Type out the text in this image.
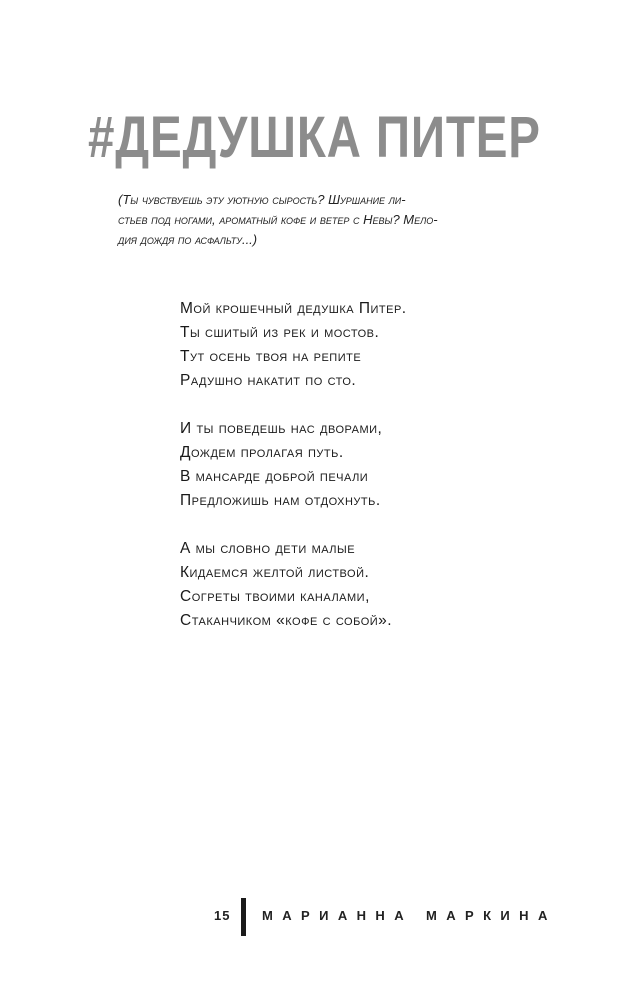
#ДЕДУШКА ПИТЕР

(Ты чувствуешь эту уютную сырость? Шуршание ли-
стьев под ногами, ароматный кофе и ветер с Невы? Мело-
дия дождя по асфальту...)

Мой крошечный дедушка Питер.
Ты сшитый из рек и мостов.
Тут осень твоя на репите
Радушно накатит по сто.
И ты поведешь нас дворами,
Дождем пролагая путь.
В мансарде доброй печали
Предложишь нам отдохнуть.
А мы словно дети малые
Кидаемся желтой листвой.
Согреты твоими каналами,
Стаканчиком «кофе с собой».
15 МАРИАННА МАРКИНА
